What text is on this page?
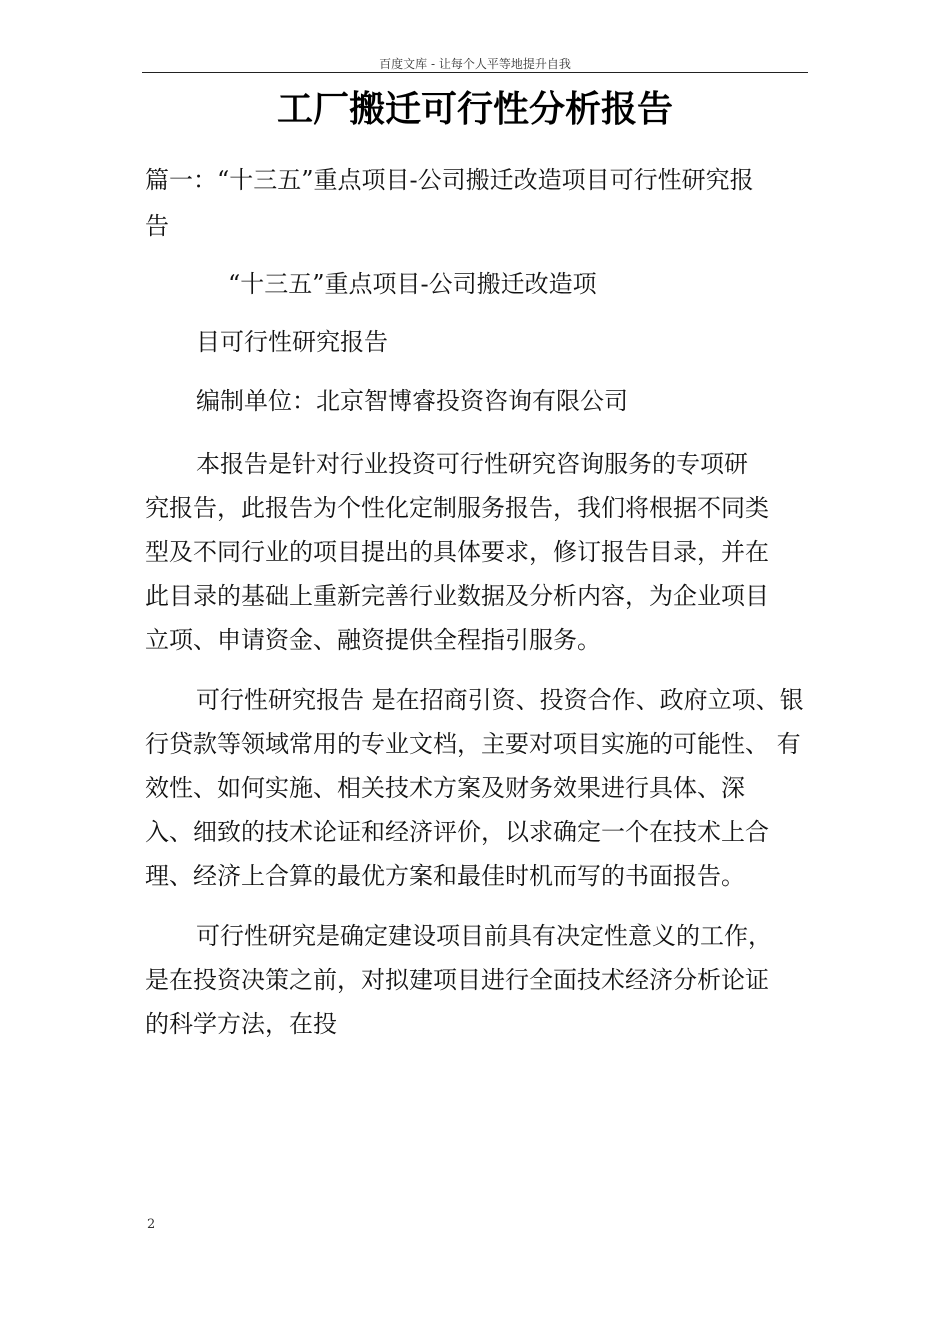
百度文库 - 让每个人平等地提升自我
工厂搬迁可行性分析报告

篇一：“十三五”重点项目-公司搬迁改造项目可行性研究报

告

“十三五”重点项目-公司搬迁改造项

目可行性研究报告

编制单位：北京智博睿投资咨询有限公司

本报告是针对行业投资可行性研究咨询服务的专项研

究报告，此报告为个性化定制服务报告，我们将根据不同类

型及不同行业的项目提出的具体要求，修订报告目录，并在

此目录的基础上重新完善行业数据及分析内容，为企业项目

立项、申请资金、融资提供全程指引服务。

可行性研究报告 是在招商引资、投资合作、政府立项、银

行贷款等领域常用的专业文档，主要对项目实施的可能性、 有

效性、如何实施、相关技术方案及财务效果进行具体、深

入、细致的技术论证和经济评价，以求确定一个在技术上合

理、经济上合算的最优方案和最佳时机而写的书面报告。

可行性研究是确定建设项目前具有决定性意义的工作，

是在投资决策之前，对拟建项目进行全面技术经济分析论证

的科学方法，在投

2
